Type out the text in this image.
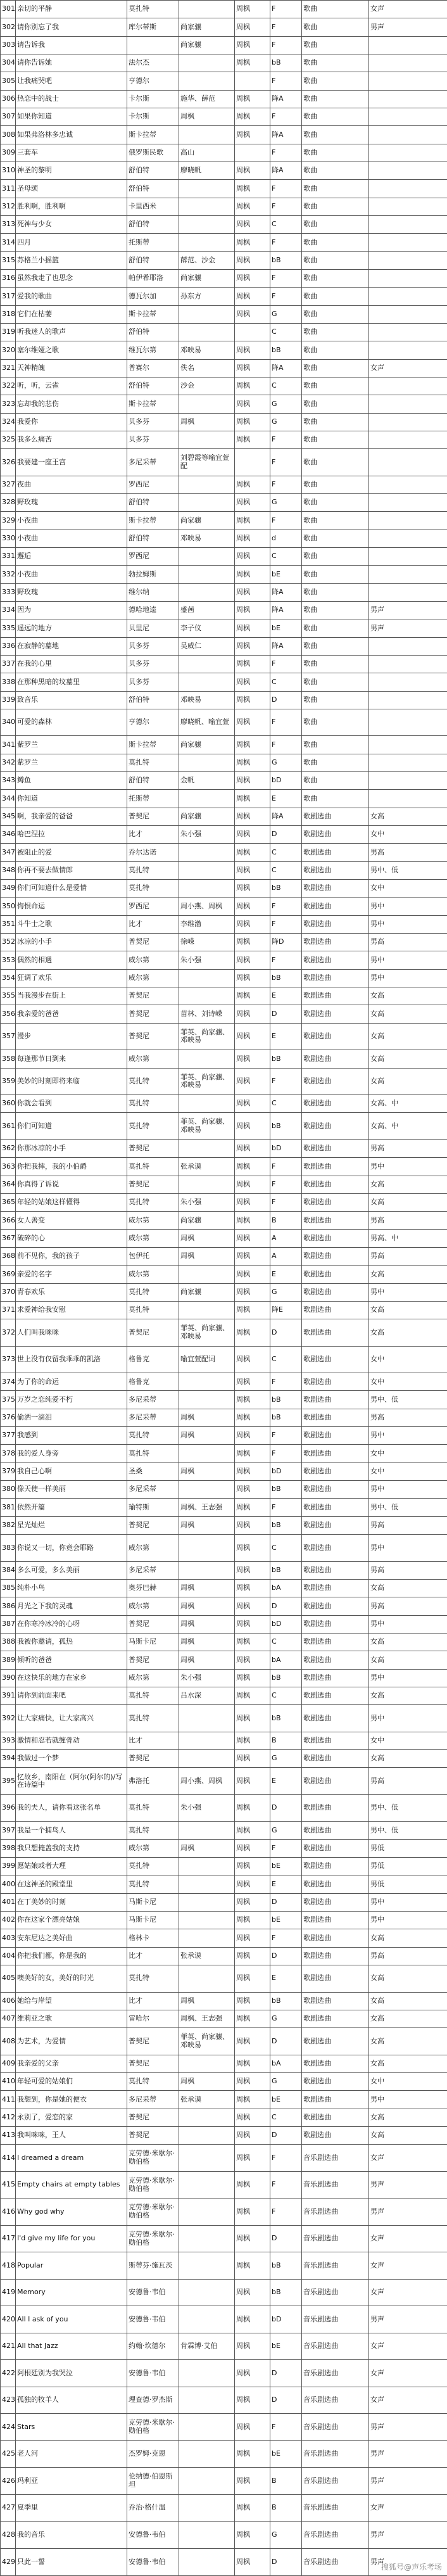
301	亲切的平静	莫扎特		周枫	F	歌曲	女声
302	请你别忘了我	库尔蒂斯	尚家骧	周枫	F	歌曲	男声
303	请告诉我		尚家骧	周枫	F	歌曲	
304	请你告诉她	法尔杰		周枫	bB	歌曲	
305	让我痛哭吧	亨德尔			F	歌曲	
306	热恋中的战士	卡尔斯	施华、薛范	周枫	降A	歌曲	
307	如果你知道	卡尔斯	周枫	周枫	F	歌曲	
308	如果弗洛林多忠诚	斯卡拉蒂		周枫	降A	歌曲	
309	三套车	俄罗斯民歌	高山		F	歌曲	
310	神圣的黎明	舒伯特	廖晓帆	周枫	降A	歌曲	
311	圣母颂	舒伯特		周枫	F	歌曲	
312	胜利啊，胜利啊	卡里西米		周枫	F	歌曲	
313	死神与少女	舒伯特		周枫	C	歌曲	
314	四月	托斯蒂		周枫	F	歌曲	
315	苏格兰小摇篮	舒伯特	薛范、沙金	周枫	bB	歌曲	
316	虽然我走了也思念	帕伊希耶洛	尚家骧	周枫	F	歌曲	
317	爱我的歌曲	德瓦尔加	孙东方	周枫	F	歌曲	
318	它们在枯萎	斯卡拉蒂		周枫	G	歌曲	
319	听我迷人的歌声	舒伯特			C	歌曲	
320	塞尔维娅之歌	维瓦尔第	邓映易	周枫	bB	歌曲	
321	天神精魄	普赛尔	佚名	周枫	降A	歌曲	女声
322	听，听，云雀	舒伯特	沙金	周枫	C	歌曲	
323	忘却我的悲伤	斯卡拉蒂		周枫	G	歌曲	
324	我爱你	贝多芬	周枫	周枫	G	歌曲	
325	我多么痛苦	贝多芬		周枫	F	歌曲	
326	我要建一座王宫	多尼采蒂	刘碧霞等喻宜萱配		F	歌曲	
327	夜曲	罗西尼		周枫	F	歌曲	
328	野玫瑰	舒伯特		周枫	G	歌曲	
329	小夜曲	斯卡拉蒂	尚家骧	周枫	F	歌曲	
330	小夜曲	舒伯特	邓映易	周枫	d	歌曲	
331	邂逅	罗西尼		周枫	C	歌曲	
332	小夜曲	勃拉姆斯		周枫	bE	歌曲	
333	野玫瑰	维尔纳		周枫	降A	歌曲	
334	因为	德哈地逵	盛茜	周枫	降A	歌曲	男声
335	遥远的地方	贝里尼	李子仪	周枫	bE	歌曲	男声
336	在寂静的墓地	贝多芬	吴威仁	周枫	降A	歌曲	
337	在我的心里	贝多芬		周枫	F	歌曲	
338	在那种黑暗的坟墓里	贝多芬		周枫	C	歌曲	
339	致音乐	舒伯特	邓映易	周枫	D	歌曲	
340	可爱的森林	亨德尔	廖晓帆、喻宜萱	周枫	F	歌曲	
341	紫罗兰	斯卡拉蒂	尚家骧	周枫	F	歌曲	
342	紫罗兰	莫扎特		周枫	G	歌曲	
343	鳟鱼	舒伯特	金帆	周枫	bD	歌曲	
344	你知道	托斯蒂		周枫	E	歌曲	
345	啊，我亲爱的爸爸	普契尼	尚家骧	周枫	降A	歌剧选曲	女高
346	哈巴涅拉	比才	朱小强	周枫	D	歌剧选曲	女中
347	被阻止的爱	乔尔达诺		周枫	C	歌剧选曲	男高
348	你再不要去做情郎	莫扎特		周枫	C	歌剧选曲	男中、低
349	你们可知道什么是爱情	莫扎特		周枫	bB	歌剧选曲	女中
350	悔恨命运	罗西尼	周小燕、周枫	周枫	F	歌剧选曲	男中
351	斗牛士之歌	比才	李维渤	周枫	F	歌剧选曲	男中
352	冰凉的小手	普契尼	徐嵘	周枫	降D	歌剧选曲	男高
353	偶然的相遇	威尔第	朱小强	周枫	F	歌剧选曲	男中
354	狂调了欢乐	威尔第		周枫	bB	歌剧选曲	男中
355	当我漫步在街上	普契尼		周枫	E	歌剧选曲	女高
356	我亲爱的爸爸	普契尼	苗林、刘诗嵘	周枫	D	歌剧选曲	女高
357	漫步	普契尼	菲英、尚家骧、邓映易	周枫	E	歌剧选曲	女高
358	每逢那节日到来	威尔第		周枫	bB	歌剧选曲	女高
359	美妙的时刻即将来临	莫扎特	菲英、尚家骧、邓映易	周枫	F	歌剧选曲	女高
360	你就会看到	莫扎特		周枫	C	歌剧选曲	女高、中
361	你们可知道	莫扎特	菲英、尚家骧、邓映易	周枫	bB	歌剧选曲	女高、中
362	你那冰凉的小手	普契尼		周枫	bD	歌剧选曲	男高
363	你把我摔，我的小伯爵	莫扎特	张承谟	周枫	F	歌剧选曲	男中
364	你真得了诉说	普契尼		周枫	F	歌剧选曲	女高
365	年轻的姑娘这样懂得	莫扎特	朱小强	周枫	F	歌剧选曲	女高
366	女人善变	威尔第	尚家骧	周枫	B	歌剧选曲	男高
367	破碎的心	威尔第	周枫	周枫	A	歌剧选曲	男高、中
368	前不见你，我的孩子	包伊托	周枫	周枫	A	歌剧选曲	男高
369	亲爱的名字	威尔第		周枫	E	歌剧选曲	女高
370	青春欢乐	莫扎特	尚家骧	周枫	G	歌剧选曲	男中
371	求爱神给我安慰	莫扎特		周枫	降E	歌剧选曲	女高
372	人们叫我咪咪	普契尼	菲英、尚家骧、邓映易	周枫	D	歌剧选曲	女高
373	世上没有仅留我乖乖的凯洛	格鲁克	喻宜萱配词	周枫	C	歌剧选曲	女中
374	为了你的命运	格鲁克		周枫	F	歌剧选曲	女中
375	万岁之恋纯爱不朽	多尼采蒂		周枫	bB	歌剧选曲	男中、低
376	偷洒一滴泪	多尼采蒂	周枫	周枫	bB	歌剧选曲	男高
377	我感到	莫扎特	周枫	周枫	F	歌剧选曲	男中
378	我的爱人身旁	莫扎特		周枫	F	歌剧选曲	女中
379	我自己心啊	圣桑	周枫	周枫	bD	歌剧选曲	女中
380	像天使一样美丽	多尼采蒂		周枫	bB	歌剧选曲	男中
381	依然开篇	瑜特斯	周枫、王志强	周枫	F	歌剧选曲	男中、低
382	星光灿烂	普契尼	周枫	周枫	bB	歌剧选曲	男高
383	你说又一切，你竟会耶路	威尔第		周枫	C	歌剧选曲	男中
384	多么可爱，多么美丽	多尼采蒂		周枫	bB	歌剧选曲	男高
385	纯朴小鸟	奥芬巴赫	周枫	周枫	bA	歌剧选曲	女高
386	月光之下我的灵魂	威尔第	周枫	周枫	D	歌剧选曲	男高
387	在你寒冷冰冷的心呀	普契尼	周枫	周枫	bD	歌剧选曲	男中
388	我被你邀请，孤热	马斯卡尼	周枫	周枫	C	歌剧选曲	女高
389	倾听的爸爸	普契尼	周枫	周枫	bA	歌剧选曲	女高
390	在这快乐的地方在家乡	威尔第	朱小强	周枫	bB	歌剧选曲	男中
391	请你到前面来吧	莫扎特	吕水深	周枫	C	歌剧选曲	女高
392	让大家痛快，让大家高兴	莫扎特		周枫	bB	歌剧选曲	男中
393	激情和忍若就缠骨动	比才		周枫	B	歌剧选曲	女中
394	我做过一个梦	普契尼		周枫	G	歌剧选曲	女高
395	忆故乡，南阳在（阿尔(阿尔的)/写在诗篇中	弗洛托	周小燕、周枫	周枫	E	歌剧选曲	男高
396	我的夫人，请你看这张名单	莫扎特	朱小强	周枫	D	歌剧选曲	男中、低
397	我是一个捕鸟人	莫扎特		周枫	G	歌剧选曲	男中、低
398	我只想掩盖我的支持	威尔第	周枫	周枫	F	歌剧选曲	男低
399	愿姑娘或者大理	莫扎特		周枫	bE	歌剧选曲	男低
400	在这神圣的殿堂里	莫扎特		周枫	E	歌剧选曲	男低
401	在丁美妙的时刻	马斯卡尼		周枫	D	歌剧选曲	男中
402	你在这家个漂亮姑娘	马斯卡尼		周枫	bE	歌剧选曲	男中
403	安东尼达之美好曲	格林卡		周枫	F	歌剧选曲	女高
404	你把我们都，你是我的	比才	张承谟	周枫	D	歌剧选曲	男高
405	噢美好的女，美好的时光	莫扎特		周枫	E	歌剧选曲	女高
406	她给与岸望	比才	周枫	周枫	bB	歌剧选曲	女高
407	维莉亚之歌	雷哈尔	周枫、王志强	周枫	G	歌剧选曲	女高
408	为艺术，为爱情	普契尼	菲英、尚家骧、邓映易	周枫	D	歌剧选曲	女高
409	我亲爱的父亲	普契尼		周枫	bA	歌剧选曲	女高
410	年轻可爱的姑娘们	莫扎特	周枫	周枫	G	歌剧选曲	女中
411	我想到，你是她的便衣	多尼采蒂	张承谟	周枫	bE	歌剧选曲	男中
412	永别了，爱恋的家	普契尼		周枫	C	歌剧选曲	女高
413	我叫咪咪，王人	普契尼		周枫	D	歌剧选曲	女高
414	I dreamed a dream	克劳德·米歇尔·勋伯格		周枫	F	音乐剧选曲	女声
415	Empty chairs at empty tables	克劳德·米歇尔·勋伯格		周枫	F	音乐剧选曲	男声
416	Why god why	克劳德·米歇尔·勋伯格		周枫	F	音乐剧选曲	男声
417	I'd give my life for you	克劳德·米歇尔·勋伯格		周枫	D	音乐剧选曲	女声
418	Popular	斯蒂芬·施瓦茨		周枫	bB	音乐剧选曲	女声
419	Memory	安德鲁·韦伯		周枫	bB	音乐剧选曲	女声
420	All I ask of you	安德鲁·韦伯		周枫	bD	音乐剧选曲	男声
421	All that Jazz	约翰·坎德尔	肯霖博·艾伯	周枫	bE	音乐剧选曲	女声
422	阿根廷别为我哭泣	安德鲁·韦伯		周枫	D	音乐剧选曲	女声
423	孤独的牧羊人	理查德·罗杰斯		周枫	D	音乐剧选曲	女声
424	Stars	克劳德·米歇尔·勋伯格		周枫	F	音乐剧选曲	男声
425	老人河	杰罗姆·克恩		周枫	bE	音乐剧选曲	男声
426	玛利亚	伦纳德·伯恩斯坦		周枫	B	音乐剧选曲	男声
427	夏季里	乔治·格什温		周枫	B	音乐剧选曲	女声
428	我的音乐	安德鲁·韦伯		周枫	G	音乐剧选曲	男声
429	只此一誓	安德鲁·韦伯		周枫	D	音乐剧选曲	男声
搜狐号@声乐考场
